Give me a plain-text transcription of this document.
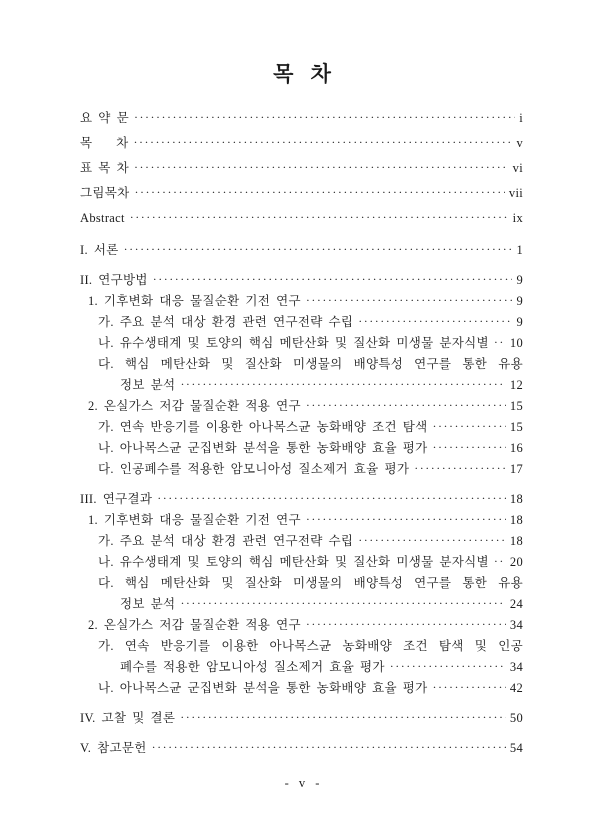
목 차
요 약 문 ·····	i
목    차 ·····	v
표 목 차 ·····	vi
그림목차 ·····	vii
Abstract ·····	ix
I. 서론 ·····	1
II. 연구방법 ·····	9
1. 기후변화 대응 물질순환 기전 연구 ·····	9
가. 주요 분석 대상 환경 관련 연구전략 수립 ·····	9
나. 유수생태계 및 토양의 핵심 메탄산화 및 질산화 미생물 분자식별 ····· 10
다. 핵심 메탄산화 및 질산화 미생물의 배양특성 연구를 통한 유용
정보 분석 ·····	12
2. 온실가스 저감 물질순환 적용 연구 ·····	15
가. 연속 반응기를 이용한 아나목스균 농화배양 조건 탐색 ·····	15
나. 아나목스균 군집변화 분석을 통한 농화배양 효율 평가 ·····	16
다. 인공폐수를 적용한 암모니아성 질소제거 효율 평가 ·····	17
III. 연구결과 ·····	18
1. 기후변화 대응 물질순환 기전 연구 ·····	18
가. 주요 분석 대상 환경 관련 연구전략 수립 ·····	18
나. 유수생태계 및 토양의 핵심 메탄산화 및 질산화 미생물 분자식별 ····· 20
다. 핵심 메탄산화 및 질산화 미생물의 배양특성 연구를 통한 유용
정보 분석 ·····	24
2. 온실가스 저감 물질순환 적용 연구 ·····	34
가. 연속 반응기를 이용한 아나목스균 농화배양 조건 탐색 및 인공
폐수를 적용한 암모니아성 질소제거 효율 평가 ·····	34
나. 아나목스균 군집변화 분석을 통한 농화배양 효율 평가 ·····	42
IV. 고찰 및 결론 ·····	50
V. 참고문헌 ·····	54
- v -
